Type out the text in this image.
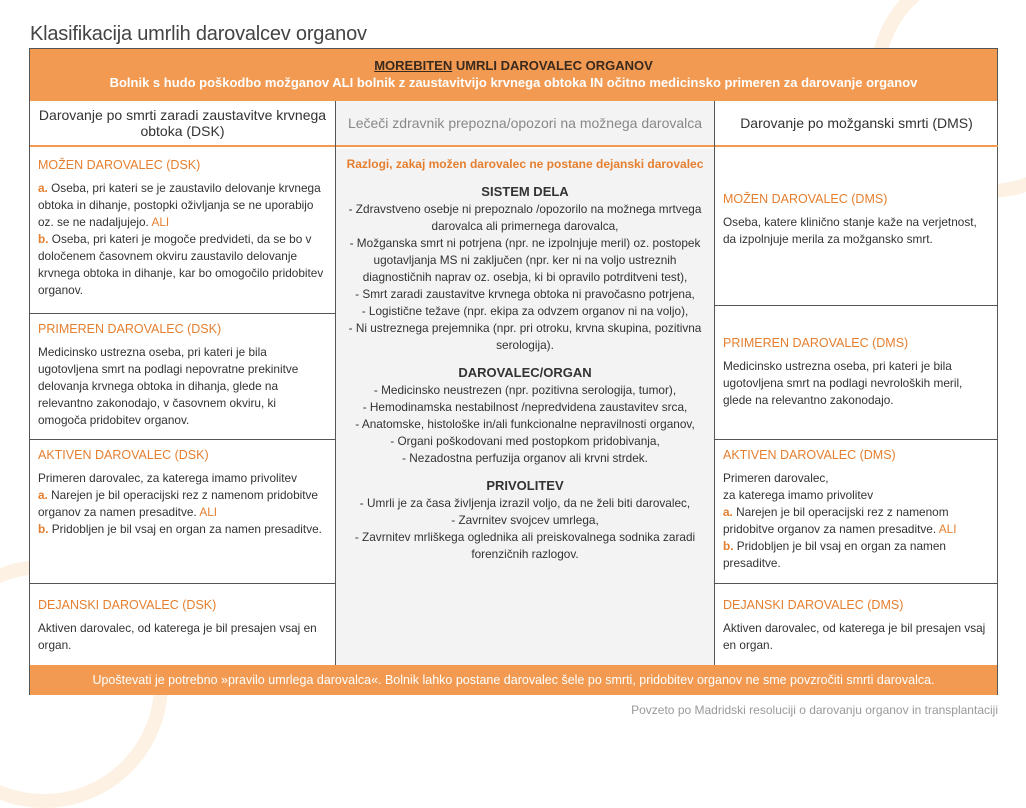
Klasifikacija umrlih darovalcev organov
MOREBITEN UMRLI DAROVALEC ORGANOV
Bolnik s hudo poškodbo možganov ALI bolnik z zaustavitvijo krvnega obtoka IN očitno medicinsko primeren za darovanje organov
Darovanje po smrti zaradi zaustavitve krvnega obtoka (DSK)	Lečeči zdravnik prepozna/opozori na možnega darovalca	Darovanje po možganski smrti (DMS)
MOŽEN DAROVALEC (DSK)
a. Oseba, pri kateri se je zaustavilo delovanje krvnega obtoka in dihanje, postopki oživljanja se ne uporabijo oz. se ne nadaljujejo. ALI
b. Oseba, pri kateri je mogoče predvideti, da se bo v določenem časovnem okviru zaustavilo delovanje krvnega obtoka in dihanje, kar bo omogočilo pridobitev organov.
PRIMEREN DAROVALEC (DSK)
Medicinsko ustrezna oseba, pri kateri je bila ugotovljena smrt na podlagi nepovratne prekinitve delovanja krvnega obtoka in dihanja, glede na relevantno zakonodajo, v časovnem okviru, ki omogoča pridobitev organov.
AKTIVEN DAROVALEC (DSK)
Primeren darovalec, za katerega imamo privolitev
a. Narejen je bil operacijski rez z namenom pridobitve organov za namen presaditve. ALI
b. Pridobljen je bil vsaj en organ za namen presaditve.
DEJANSKI DAROVALEC (DSK)
Aktiven darovalec, od katerega je bil presajen vsaj en organ.
Razlogi, zakaj možen darovalec ne postane dejanski darovalec
SISTEM DELA
- Zdravstveno osebje ni prepoznalo /opozorilo na možnega mrtvega darovalca ali primernega darovalca,
- Možganska smrt ni potrjena (npr. ne izpolnjuje meril) oz. postopek ugotavljanja MS ni zaključen (npr. ker ni na voljo ustreznih diagnostičnih naprav oz. osebja, ki bi opravilo potrditveni test),
- Smrt zaradi zaustavitve krvnega obtoka ni pravočasno potrjena,
- Logistične težave (npr. ekipa za odvzem organov ni na voljo),
- Ni ustreznega prejemnika (npr. pri otroku, krvna skupina, pozitivna serologija).
DAROVALEC/ORGAN
- Medicinsko neustrezen (npr. pozitivna serologija, tumor),
- Hemodinamska nestabilnost /nepredvidena zaustavitev srca,
- Anatomske, histološke in/ali funkcionalne nepravilnosti organov,
- Organi poškodovani med postopkom pridobivanja,
- Nezadostna perfuzija organov ali krvni strdek.
PRIVOLITEV
- Umrli je za časa življenja izrazil voljo, da ne želi biti darovalec,
- Zavrnitev svojcev umrlega,
- Zavrnitev mrliškega oglednika ali preiskovalnega sodnika zaradi forenzičnih razlogov.
MOŽEN DAROVALEC (DMS)
Oseba, katere klinično stanje kaže na verjetnost, da izpolnjuje merila za možgansko smrt.
PRIMEREN DAROVALEC (DMS)
Medicinsko ustrezna oseba, pri kateri je bila ugotovljena smrt na podlagi nevroloških meril, glede na relevantno zakonodajo.
AKTIVEN DAROVALEC (DMS)
Primeren darovalec,
za katerega imamo privolitev
a. Narejen je bil operacijski rez z namenom pridobitve organov za namen presaditve. ALI
b. Pridobljen je bil vsaj en organ za namen presaditve.
DEJANSKI DAROVALEC (DMS)
Aktiven darovalec, od katerega je bil presajen vsaj en organ.
Upoštevati je potrebno »pravilo umrlega darovalca«. Bolnik lahko postane darovalec šele po smrti, pridobitev organov ne sme povzročiti smrti darovalca.
Povzeto po Madridski resoluciji o darovanju organov in transplantaciji
